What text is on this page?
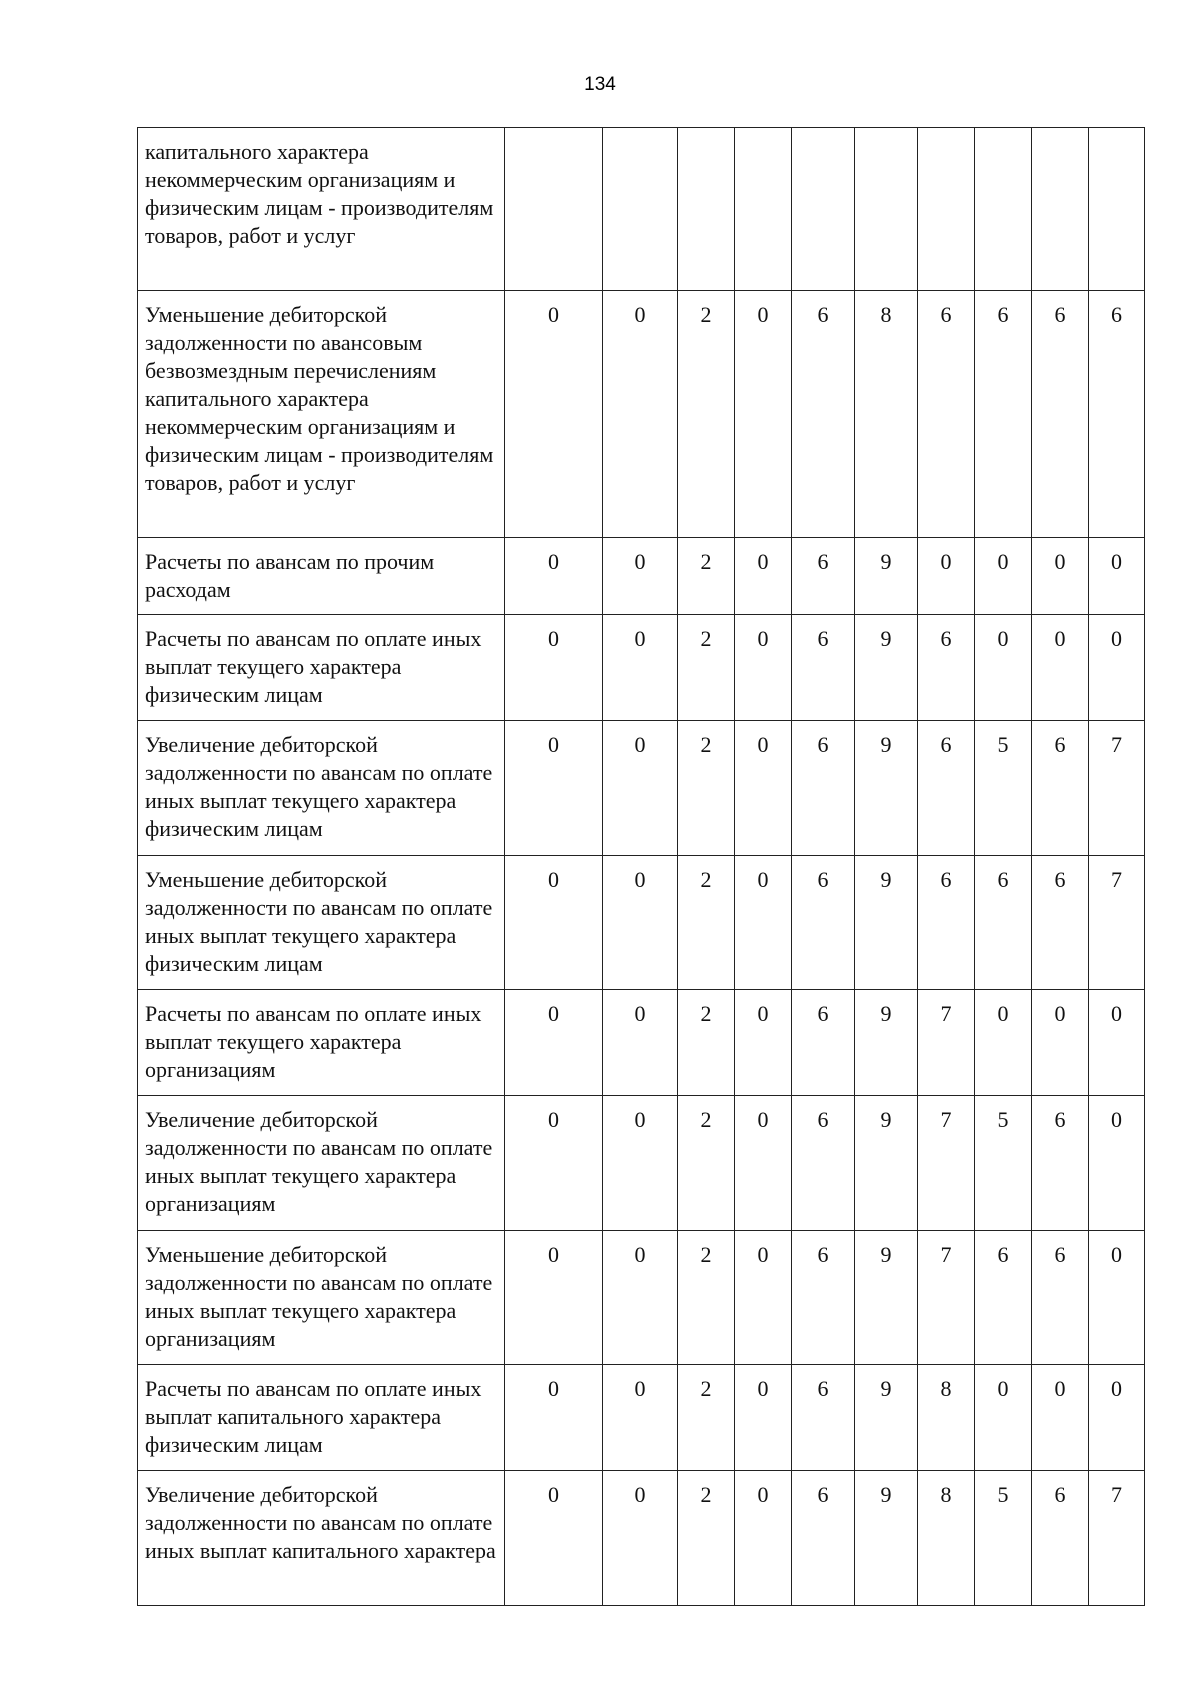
134
капитального характера некоммерческим организациям и физическим лицам - производителям товаров, работ и услуг										
Уменьшение дебиторской задолженности по авансовым безвозмездным перечислениям капитального характера некоммерческим организациям и физическим лицам - производителям товаров, работ и услуг	0	0	2	0	6	8	6	6	6	6
Расчеты по авансам по прочим расходам	0	0	2	0	6	9	0	0	0	0
Расчеты по авансам по оплате иных выплат текущего характера физическим лицам	0	0	2	0	6	9	6	0	0	0
Увеличение дебиторской задолженности по авансам по оплате иных выплат текущего характера физическим лицам	0	0	2	0	6	9	6	5	6	7
Уменьшение дебиторской задолженности по авансам по оплате иных выплат текущего характера физическим лицам	0	0	2	0	6	9	6	6	6	7
Расчеты по авансам по оплате иных выплат текущего характера организациям	0	0	2	0	6	9	7	0	0	0
Увеличение дебиторской задолженности по авансам по оплате иных выплат текущего характера организациям	0	0	2	0	6	9	7	5	6	0
Уменьшение дебиторской задолженности по авансам по оплате иных выплат текущего характера организациям	0	0	2	0	6	9	7	6	6	0
Расчеты по авансам по оплате иных выплат капитального характера физическим лицам	0	0	2	0	6	9	8	0	0	0
Увеличение дебиторской задолженности по авансам по оплате иных выплат капитального характера	0	0	2	0	6	9	8	5	6	7
